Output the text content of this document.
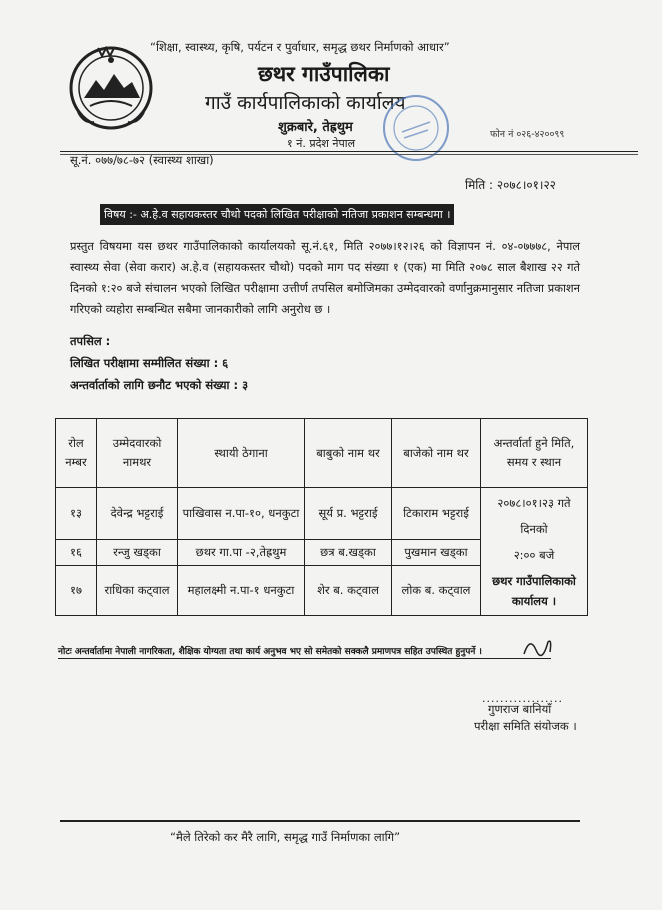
“शिक्षा, स्वास्थ्य, कृषि, पर्यटन र पुर्वाधार, समृद्ध छथर निर्माणको आधार”
छथर गाउँपालिका
गाउँ कार्यपालिकाको कार्यालय
शुक्रबारे, तेह्रथुम
१ नं. प्रदेश नेपाल
फोन नं ०२६-४२००९९
सू.नं. ०७७/७८-७२ (स्वास्थ्य शाखा)
मिति : २०७८।०१।२२
विषय :- अ.हे.व सहायकस्तर चौथो पदको लिखित परीक्षाको नतिजा प्रकाशन सम्बन्धमा ।
प्रस्तुत विषयमा यस छथर गाउँपालिकाको कार्यालयको सू.नं.६१, मिति २०७७।१२।२६ को विज्ञापन नं. ०४-०७७७८, नेपाल स्वास्थ्य सेवा (सेवा करार) अ.हे.व (सहायकस्तर चौथो) पदको माग पद संख्या १ (एक) मा मिति २०७८ साल बैशाख २२ गते दिनको १:२० बजे संचालन भएको लिखित परीक्षामा उत्तीर्ण तपसिल बमोजिमका उम्मेदवारको वर्णानुक्रमानुसार नतिजा प्रकाशन गरिएको व्यहोरा सम्बन्धित सबैमा जानकारीको लागि अनुरोध छ ।
तपसिल :
लिखित परीक्षामा सम्मीलित संख्या : ६
अन्तर्वार्ताको लागि छनौट भएको संख्या : ३
रोल नम्बर	उम्मेदवारको नामथर	स्थायी ठेगाना	बाबुको नाम थर	बाजेको नाम थर	अन्तर्वार्ता हुने मिति, समय र स्थान
१३	देवेन्द्र भट्टराई	पाखिवास न.पा-१०, धनकुटा	सूर्य प्र. भट्टराई	टिकाराम भट्टराई	२०७८।०१।२३ गते
दिनको
२:०० बजे
छथर गाउँपालिकाको कार्यालय ।

१६	रन्जु खड्का	छथर गा.पा -२,तेह्रथुम	छत्र ब.खड्का	पुखमान खड्का	
१७	राधिका कट्वाल	महालक्ष्मी न.पा-१ धनकुटा	शेर ब. कट्वाल	लोक ब. कट्वाल	
नोटः अन्तर्वार्तामा नेपाली नागरिकता, शैक्षिक योग्यता तथा कार्य अनुभव भए सो समेतको सक्कलै प्रमाणपत्र सहित उपस्थित हुनुपर्ने ।
..................
गुणराज बानियाँ
परीक्षा समिति संयोजक ।
“मैले तिरेको कर मैरै लागि, समृद्ध गाउँ निर्माणका लागि”
